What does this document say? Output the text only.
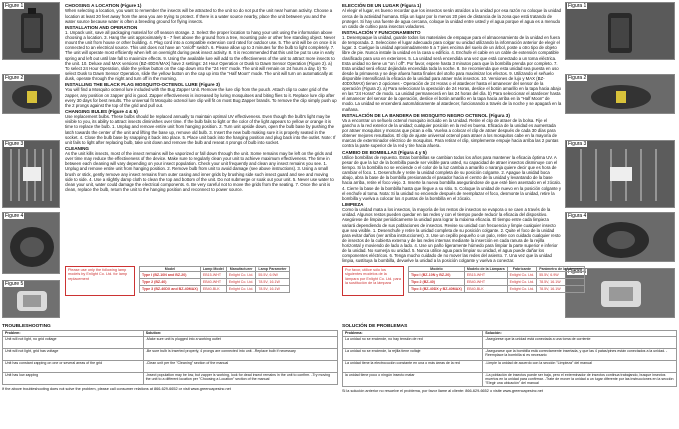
Figure 1
Figure 2
Figure 3
Figure 4
Figure 5
CHOOSING A LOCATION (Figure 1)

When selecting a location, you want to remember the insects will be attracted to the unit so do not put the unit near human activity. Choose a location at least 20 feet away from the area you are trying to protect. If there is a water source nearby, place the unit between you and the water source because water is often a breeding ground for flying insects.

INSTALLATION AND OPERATION

1. Unpack unit, save all packaging material for off season storage. 2. Select the proper location to hang your unit using the information above choosing a location. 3. Hang the unit approximately 5 - 7 feet above the ground from a tree, mounting pole or other free standing object. Never mount the unit from house or other building. 4. Plug cord into a compatible extension cord rated for outdoor use. 5. The unit will be on once it is connected to an electrical source. This unit does not have an "on/off" switch. 6. Please allow up to 3 minutes for the bulb to light completely. 7. The unit will operate most efficiently when left on overnight during peak insect activity. 8. It is recommended that this unit be put to use in early spring and left out until late fall to maximize effects. 9. Using the available lure will add to the effectiveness of the unit to attract more insects to the unit. 10. Deluxe and MAX versions (BZ-40DX/MAX) have 2 settings: 24 Hour Operation or Dusk to Dawn Sensor Operation (Figure 2). a) To select 24 Hour Operation, slide the yellow button on the cap down into the "24 Hrs" mode. The unit will remain on 24 hours a day. b) To select Dusk to Dawn Sensor Operation, slide the yellow button on the cap up into the "Half Moon" mode. The unit will turn on automatically at dusk, operate through the night and turn off in the morning.

INSTALLING THE BLACK FLAG MOSQUITO-OCTENOL LURE (Figure 3)

You will find a Mosquito octenol lure included with the Bug Zapper Unit. Remove the lure clip from the pouch. Attach clip to outer grid of the zapper, any position on zapper grid is good. Zapper effectiveness is increased by luring mosquitoes and biting flies to it. Replace lure clip after every 30 days for best results. The universal fit Mosquito octenol lure clip will fit on most Bug Zapper brands. To remove the clip simply push up the 2 prongs against the top of the grid and pull out.

CHANGING BULBS (Figure 4 & 5)

Use replacement bulbs. These bulbs should be replaced annually to maintain optimal UV effectiveness. Even though the bulb's light may be visible to you, its ability to attract insects diminishes over time. If the bulb fails to light or the color of the light appears to yellow or orange it is time to replace the bulb. 1. Unplug and remove entire unit from hanging position. 2. Turn unit upside down, open the bulb base by pushing the latch towards the center of the unit and lifting the base up, remove old bulb. 3. Insert the new bulb making sure it is properly seated in the socket. 4. Close the bulb base by snapping it back into place. 5. Place unit back into the hanging position and plug back into the outlet. Note: If unit fails to light after replacing bulb, take unit down and remove the bulb and reseat 4 prongs of bulb into socket.

CLEANING

As the unit kills insects, most of the insect remains will be vaporized or fall down through the unit. Some remains may be left on the grids and over time may reduce the effectiveness of the device. Make sure to regularly clean your unit to achieve maximum effectiveness. The time in between each cleaning will vary depending on your insect population. Check your unit frequently and clean any insect remains you see. 1. Unplug and remove entire unit from hanging position. 2. Remove bulb from unit to avoid damage (see above instructions). 3. Using a small brush or stick, gently remove any insect remains from outer casing and inner grids by brushing side such insect guard and see and moving side to side. 4. Use a slightly damp cloth to clean the top and bottom of the unit. Do not submerge or soak out your unit. 5. Never use water to clean your unit, water could damage the electrical components. 6. Be very careful not to move the grids from the seating. 7. Once the unit is clean, replace the bulb, return the unit to the hanging position and reconnect to power source.

Please use only the following lamp models by Enlight Co. Ltd. for lamp replacement
Model	Lamp Model	Manufacturer	Lamp Parameter
Type I (BZ-10N and BZ-20)	EB15-WHT	Enlight Co. Ltd.	55.5V, 6.9W
Type 2 (BZ-40)	EB40-WHT	Enlight Co. Ltd.	78.5V, 16.1W
Type 3 (BZ-40DX and BZ-40MAX)	EB40-BLK	Enlight Co. Ltd.	78.5V, 16.1W
TROUBLESHOOTING
Problem:	Solution:
Unit will not light, no grid voltage	-Make sure unit is plugged into a working outlet
Unit will not light, grid has voltage	-Be sure bulb is inserted properly, 4 prongs are connected into unit. -Replace bulb if necessary
Unit has constant zapping on one or several areas of the grid	-Clean unit per the "Cleaning" section of the manual
Unit has low zapping	-Insect population may be low, but zapper is working, look for dead insect remains in the unit to confirm. -Try moving the unit to a different location per "Choosing a Location" section of the manual

If the above troubleshooting does not solve the problem, please call consumer relations at 866-629-6652 or visit www.greencapesinc.net

ELECCIÓN DE UN LUGAR (Figura 1)

Al elegir el lugar, es bueno recordar que los insectos serán atraídos a la unidad por esa razón no coloque la unidad cerca de la actividad humana. Elija un lugar por lo menos 20 pies de distancia de la zona que está tratando de proteger. Si hay una fuente de agua cercana, coloque la unidad entre usted y el agua porque el agua es a menudo un caldo de cultivo para insectos voladores.

INSTALACIÓN Y FUNCIONAMIENTO

1. Desempaque la unidad, guarde todos los materiales de empaque para el almacenamiento de la unidad en fuera de temporada. 2. Seleccione el lugar adecuado para colgar su unidad utilizando la información anterior de elegir el lugar. 3. Cuelgue la unidad aproximadamente 5 a 7 pies encima del suelo de un árbol, poste u otro tipo de objeto libre de pie. Nunca instale la unidad en la casa u edificio. 4. Enchufe el cable en un cable de extensión compatible clasificado para uso en exteriores. 5. La unidad será encendida una vez que está conectado a un toma eléctrica. Esta unidad no tiene un "on / off". Por favor, espere hasta 3 minutos para que la bombilla prenda por completo. 7. Esta unidad será eficaz dejándola encendida toda la noche. 8. Se recomienda que esta unidad sea puesta en uso desde la primavera y se deje afuera hasta finales del otoño para maximizar los efectos. 9. Utilizando el señuelo disponible intensificará la eficacia de la unidad para atraer más insectos. 10. Versiones de lujo y MAX (BZ-40DX/MAX) tienen 2 opciones - Operación de 24 Horas o el atardecer hasta el amanecer del sensor de la operación (Figura 2). a) Para seleccionar la operación de 24 Horas, deslice el botón amarillo en la tapa hacia abajo en las "24 Horas" de modo. La unidad permanecerá en las 24 horas del día. b) Para seleccionar el atardecer hasta el amanecer del sensor de la operación, deslice el botón amarillo en la tapa hacia arriba en la "Half Moon" de modo. La unidad se encenderá automáticamente al atardecer, funcionando a través de la noche y se apagará en la mañana.

INSTALACIÓN DE LA BANDERA DE MOSQUITO NEGRO OCTENOL (Figura 3)

Va a encontrar un señuelo octenol mosquito incluido en la Unidad. Retire el clip de atraer de la bolsa. Fije el gancho a la red exterior de la unidad; cualquier posición en la red es buena. Eficacia de la unidad es aumentada por atraer mosquitos y moscas que pican a ella. Vuelva a colocar el clip de atraer después de cada 30 días para obtener mejores resultados. El clip de ajuste universal octenol para atraer a los mosquitos cabe en la mayoría de marcas de exterminador eléctrico de mosquitos. Para retirar el clip, simplemente empuje hacia arriba las 2 puntas contra la parte superior de la red y tire hacia afuera.

CAMBIO DE BOMBILLAS (Figura 4 y 5)

Utilice bombillas de repuesto. Estas bombillas se cambian todos los años para mantener la eficacia óptima UV. A pesar de que la luz de la bombilla puede ser visible para usted, su capacidad de atraer insectos disminuye con el tiempo. Si la bombilla no se enciende o el color de la luz cambia a amarillo o naranja quiere decir que es hora de cambiar el foco. 1. Desenchufe y retire la unidad completa de su posición colgante. 2. Apague la unidad boca abajo, abra la base de la bombilla presionando el pasador hacia el centro de la unidad y levantando de la base hacia arriba, retire el foco viejo. 3. Inserte la nueva bombilla asegurándose de que esté bien asentado en el zócalo. 4. Cierre la base de la bombilla hasta que llegue a su sitio. 5. Coloque la unidad de nuevo en la posición colgante y el enchufe al toma. Nota: Si la unidad no enciende después de reemplazar el foco, desmonte la unidad, retire la bombilla y vuelva a colocar los 4 puntas de la bombilla en el zócalo.

LIMPIEZA

Como la unidad mata a los insectos, la mayoría de los restos de insectos se evapora o se caen a través de la unidad. Algunos restos pueden quedar en las redes y con el tiempo puede reducir la eficacia del dispositivo. Asegúrese de limpiar periódicamente la unidad para lograr la máxima eficacia. El tiempo entre cada limpieza variará dependiendo de sus poblaciones de insectos. Revise su unidad con frecuencia y limpie cualquier insecto que sea visible. 1. Desenchufe y retire la unidad completa de su posición colgante. 2. Quite el foco de la unidad para evitar daños (ver arriba instrucciones). 3. Use un cepillo pequeño o un palo, retire con cuidado cualquier resto de insectos de la cubierta externa y de las redes internas mediante la inserción en cada ranura de la rejilla horizontal y moviendo de lado a lado. 4. Use un paño ligeramente húmedo para limpiar la parte superior e inferior de la unidad. No sumerja su unidad. 5. Nunca utilice agua para limpiar su unidad, el agua puede dañar los componentes eléctricos. 6. Tenga mucho cuidado de no mover las redes del asiento. 7. Una vez que la unidad limpia, sustituya la bombilla, devuelve la unidad a la posición colgante y vuelva a conectar.

Figura 1
Figura 2
Figura 3
Figura 4
Figura 5
Por favor, utilice sólo los siguientes modelos de la lámpara por Enlight Co. Ltd. para la sustitución de la lámpara
Modelo	Modelo de la Lámpara	Fabricante	Parámetro de la Lámpara
Tipo I (BZ-10N y BZ-20)	EB15-WHT	Enlight Co. Ltd.	55.5V, 6.9W
Tipo 2 (BZ-40)	EB40-WHT	Enlight Co. Ltd.	78.5V, 16.1W
Tipo 3 (BZ-40DX y BZ-40MAX)	EB40-BLK	Enlight Co. Ltd.	78.5V, 16.1W
SOLUCIÓN DE PROBLEMAS
Problema:	Solución:
La unidad no se enciende, no hay tensión de red	-Asegúrese que la unidad está conectada a una toma de corriente
La unidad no se enciende, la rejilla tiene voltaje	-Asegurarse que la bombilla está correctamente insertada, y que las 4 patas/pines están conectados a la unidad. -Reemplace la bombilla si es necesario
La unidad tiene la electrocución constante en una o más áreas de la red	-Limpie la unidad de acuerdo con la sección "Limpieza" del manual
la unidad tiene poco o ningún insecto matar	-La población de insectos puede ser baja, pero el exterminador de insectos continua trabajando, busque insectos muertos en la unidad para confirmar. -Trate de mover la unidad a un lugar diferente por las instrucciones en la sección "Elegir una ubicación" del manual

Si la solución anterior no resuelve el problema, por favor llame al cliente: 866-629-6652 o visite www.greencapesinc.net
